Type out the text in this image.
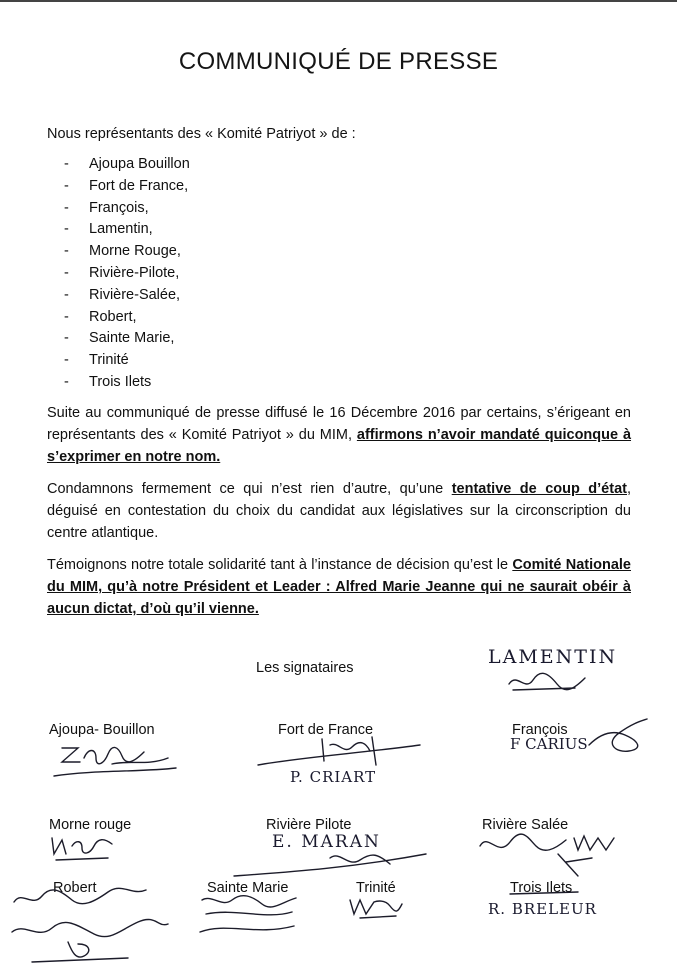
COMMUNIQUÉ DE PRESSE
Nous représentants des « Komité Patriyot » de :
- Ajoupa Bouillon
- Fort de France,
- François,
- Lamentin,
- Morne Rouge,
- Rivière-Pilote,
- Rivière-Salée,
- Robert,
- Sainte Marie,
- Trinité
- Trois Ilets

Suite au communiqué de presse diffusé le 16 Décembre 2016 par certains, s’érigeant en représentants des « Komité Patriyot » du MIM, affirmons n’avoir mandaté quiconque à s’exprimer en notre nom.

Condamnons fermement ce qui n’est rien d’autre, qu’une tentative de coup d’état, déguisé en contestation du choix du candidat aux législatives sur la circonscription du centre atlantique.

Témoignons notre totale solidarité tant à l’instance de décision qu’est le Comité Nationale du MIM, qu’à notre Président et Leader : Alfred Marie Jeanne qui ne saurait obéir à aucun dictat, d’où qu’il vienne.

Les signataires	LAMENTIN
Ajoupa- Bouillon	Fort de France
P. CRIART
François
F CARIUS
Morne rouge	Rivière Pilote
E. MARAN
Rivière Salée
Robert	Sainte Marie	Trinité	Trois Ilets
R. BRELEUR
